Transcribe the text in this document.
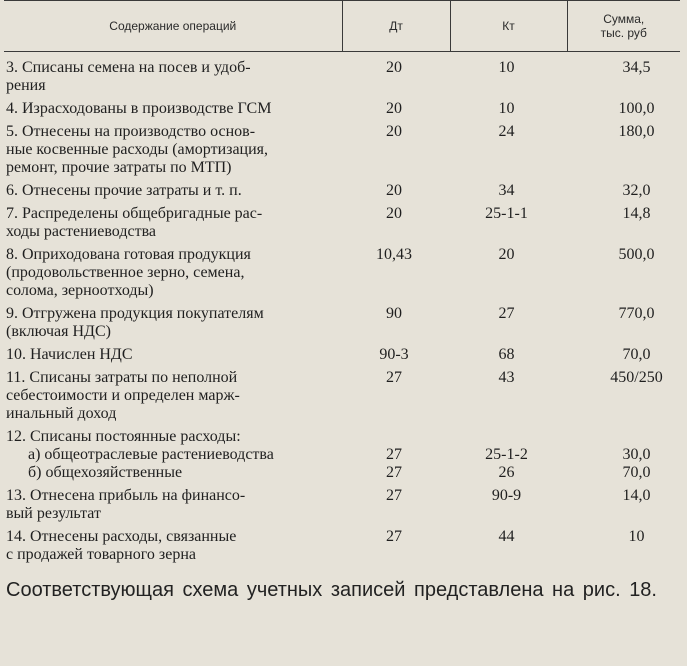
Содержание операций	Дт	Кт	Сумма,
тыс. руб
3. Списаны семена на посев и удоб-
рения	20	10	34,5
4. Израсходованы в производстве ГСМ	20	10	100,0
5. Отнесены на производство основ-
ные косвенные расходы (амортизация,
ремонт, прочие затраты по МТП)	20	24	180,0
6. Отнесены прочие затраты и т. п.	20	34	32,0
7. Распределены общебригадные рас-
ходы растениеводства	20	25-1-1	14,8
8. Оприходована готовая продукция
(продовольственное зерно, семена,
солома, зерноотходы)	10,43	20	500,0
9. Отгружена продукция покупателям
(включая НДС)	90	27	770,0
10. Начислен НДС	90-3	68	70,0
11. Списаны затраты по неполной
себестоимости и определен марж-
инальный доход	27	43	450/250
12. Списаны постоянные расходы:			
а) общеотраслевые растениеводства	27	25-1-2	30,0
б) общехозяйственные	27	26	70,0
13. Отнесена прибыль на финансо-
вый результат	27	90-9	14,0
14. Отнесены расходы, связанные
с продажей товарного зерна	27	44	10

Соответствующая схема учетных записей представлена на рис. 18.
